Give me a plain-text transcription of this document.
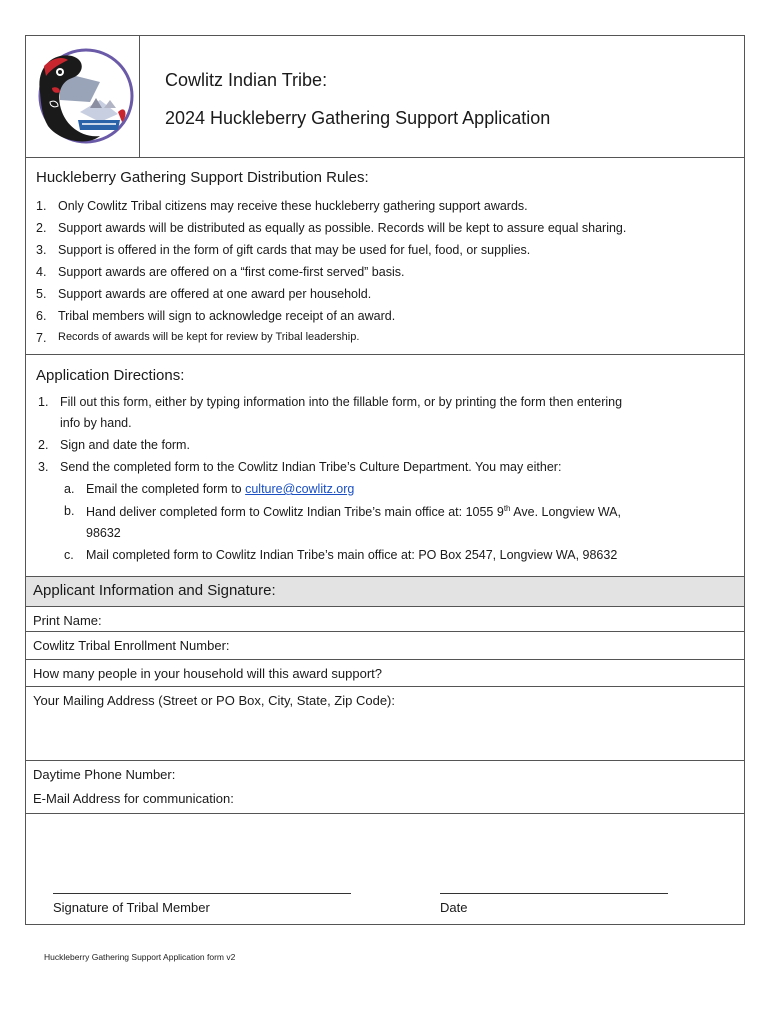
Cowlitz Indian Tribe:
2024 Huckleberry Gathering Support Application
Huckleberry Gathering Support Distribution Rules:
1. Only Cowlitz Tribal citizens may receive these huckleberry gathering support awards.
2. Support awards will be distributed as equally as possible. Records will be kept to assure equal sharing.
3. Support is offered in the form of gift cards that may be used for fuel, food, or supplies.
4. Support awards are offered on a “first come-first served” basis.
5. Support awards are offered at one award per household.
6. Tribal members will sign to acknowledge receipt of an award.
7. Records of awards will be kept for review by Tribal leadership.
Application Directions:
1. Fill out this form, either by typing information into the fillable form, or by printing the form then entering
info by hand.
2. Sign and date the form.
3. Send the completed form to the Cowlitz Indian Tribe’s Culture Department. You may either:
a. Email the completed form to culture@cowlitz.org
b. Hand deliver completed form to Cowlitz Indian Tribe’s main office at: 1055 9th Ave. Longview WA,
98632
c. Mail completed form to Cowlitz Indian Tribe’s main office at: PO Box 2547, Longview WA, 98632
Applicant Information and Signature:
Print Name:
Cowlitz Tribal Enrollment Number:
How many people in your household will this award support?
Your Mailing Address (Street or PO Box, City, State, Zip Code):
Daytime Phone Number:
E-Mail Address for communication:
Signature of Tribal Member	Date
Huckleberry Gathering Support Application form v2
